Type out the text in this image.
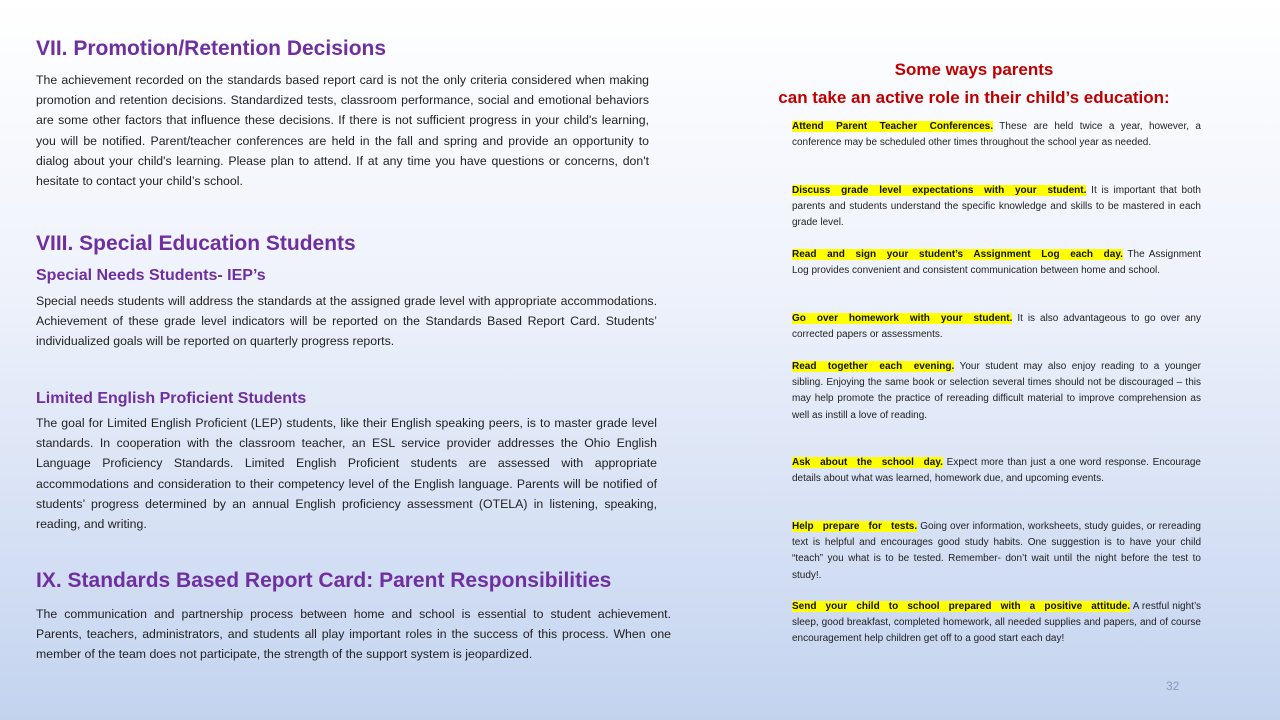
VII. Promotion/Retention Decisions
The achievement recorded on the standards based report card is not the only criteria considered when making promotion and retention decisions. Standardized tests, classroom performance, social and emotional behaviors are some other factors that influence these decisions. If there is not sufficient progress in your child's learning, you will be notified. Parent/teacher conferences are held in the fall and spring and provide an opportunity to dialog about your child's learning. Please plan to attend. If at any time you have questions or concerns, don't hesitate to contact your child’s school.
VIII. Special Education Students
Special Needs Students- IEP’s
Special needs students will address the standards at the assigned grade level with appropriate accommodations. Achievement of these grade level indicators will be reported on the Standards Based Report Card. Students’ individualized goals will be reported on quarterly progress reports.
Limited English Proficient Students
The goal for Limited English Proficient (LEP) students, like their English speaking peers, is to master grade level standards. In cooperation with the classroom teacher, an ESL service provider addresses the Ohio English Language Proficiency Standards. Limited English Proficient students are assessed with appropriate accommodations and consideration to their competency level of the English language. Parents will be notified of students’ progress determined by an annual English proficiency assessment (OTELA) in listening, speaking, reading, and writing.
IX. Standards Based Report Card: Parent Responsibilities
The communication and partnership process between home and school is essential to student achievement. Parents, teachers, administrators, and students all play important roles in the success of this process. When one member of the team does not participate, the strength of the support system is jeopardized.
Some ways parents
can take an active role in their child’s education:
Attend Parent Teacher Conferences. These are held twice a year, however, a conference may be scheduled other times throughout the school year as needed.
Discuss grade level expectations with your student. It is important that both parents and students understand the specific knowledge and skills to be mastered in each grade level.
Read and sign your student’s Assignment Log each day. The Assignment Log provides convenient and consistent communication between home and school.
Go over homework with your student. It is also advantageous to go over any corrected papers or assessments.
Read together each evening. Your student may also enjoy reading to a younger sibling. Enjoying the same book or selection several times should not be discouraged – this may help promote the practice of rereading difficult material to improve comprehension as well as instill a love of reading.
Ask about the school day. Expect more than just a one word response. Encourage details about what was learned, homework due, and upcoming events.
Help prepare for tests. Going over information, worksheets, study guides, or rereading text is helpful and encourages good study habits. One suggestion is to have your child “teach” you what is to be tested. Remember- don’t wait until the night before the test to study!.
Send your child to school prepared with a positive attitude. A restful night’s sleep, good breakfast, completed homework, all needed supplies and papers, and of course encouragement help children get off to a good start each day!
32
